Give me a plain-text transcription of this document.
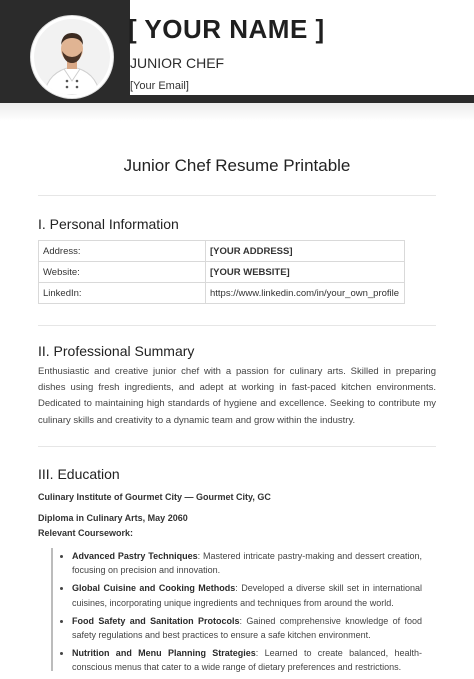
[ YOUR NAME ]
JUNIOR CHEF
[Your Email]
Junior Chef Resume Printable
I. Personal Information
Address:	[YOUR ADDRESS]
Website:	[YOUR WEBSITE]
LinkedIn:	https://www.linkedin.com/in/your_own_profile
II. Professional Summary
Enthusiastic and creative junior chef with a passion for culinary arts. Skilled in preparing dishes using fresh ingredients, and adept at working in fast-paced kitchen environments. Dedicated to maintaining high standards of hygiene and excellence. Seeking to contribute my culinary skills and creativity to a dynamic team and grow within the industry.
III. Education
Culinary Institute of Gourmet City — Gourmet City, GC
Diploma in Culinary Arts, May 2060
Relevant Coursework:
• Advanced Pastry Techniques: Mastered intricate pastry-making and dessert creation, focusing on precision and innovation.
• Global Cuisine and Cooking Methods: Developed a diverse skill set in international cuisines, incorporating unique ingredients and techniques from around the world.
• Food Safety and Sanitation Protocols: Gained comprehensive knowledge of food safety regulations and best practices to ensure a safe kitchen environment.
• Nutrition and Menu Planning Strategies: Learned to create balanced, health-conscious menus that cater to a wide range of dietary preferences and restrictions.
